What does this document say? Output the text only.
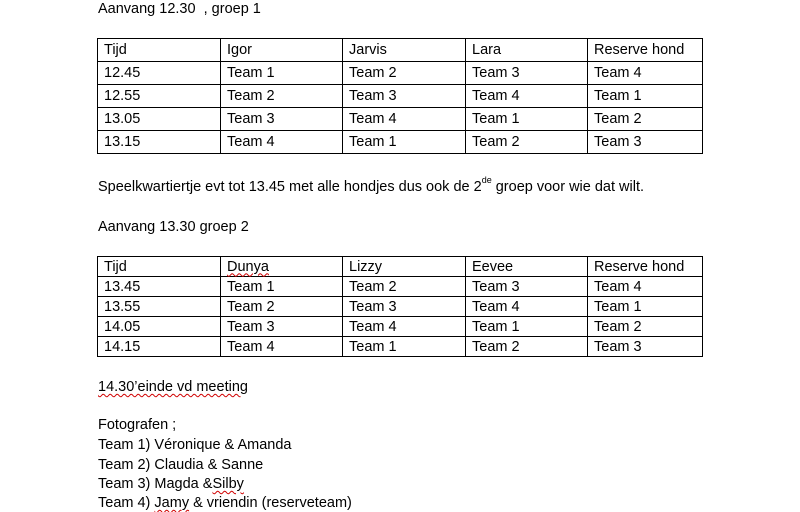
Aanvang 12.30  , groep 1
Tijd	Igor	Jarvis	Lara	Reserve hond
12.45	Team 1	Team 2	Team 3	Team 4
12.55	Team 2	Team 3	Team 4	Team 1
13.05	Team 3	Team 4	Team 1	Team 2
13.15	Team 4	Team 1	Team 2	Team 3
Speelkwartiertje evt tot 13.45 met alle hondjes dus ook de 2de groep voor wie dat wilt.
Aanvang 13.30 groep 2
Tijd	Dunya	Lizzy	Eevee	Reserve hond
13.45	Team 1	Team 2	Team 3	Team 4
13.55	Team 2	Team 3	Team 4	Team 1
14.05	Team 3	Team 4	Team 1	Team 2
14.15	Team 4	Team 1	Team 2	Team 3
14.30’einde vd meeting
Fotografen ;
Team 1) Véronique & Amanda
Team 2) Claudia & Sanne
Team 3) Magda &Silby
Team 4) Jamy & vriendin (reserveteam)
